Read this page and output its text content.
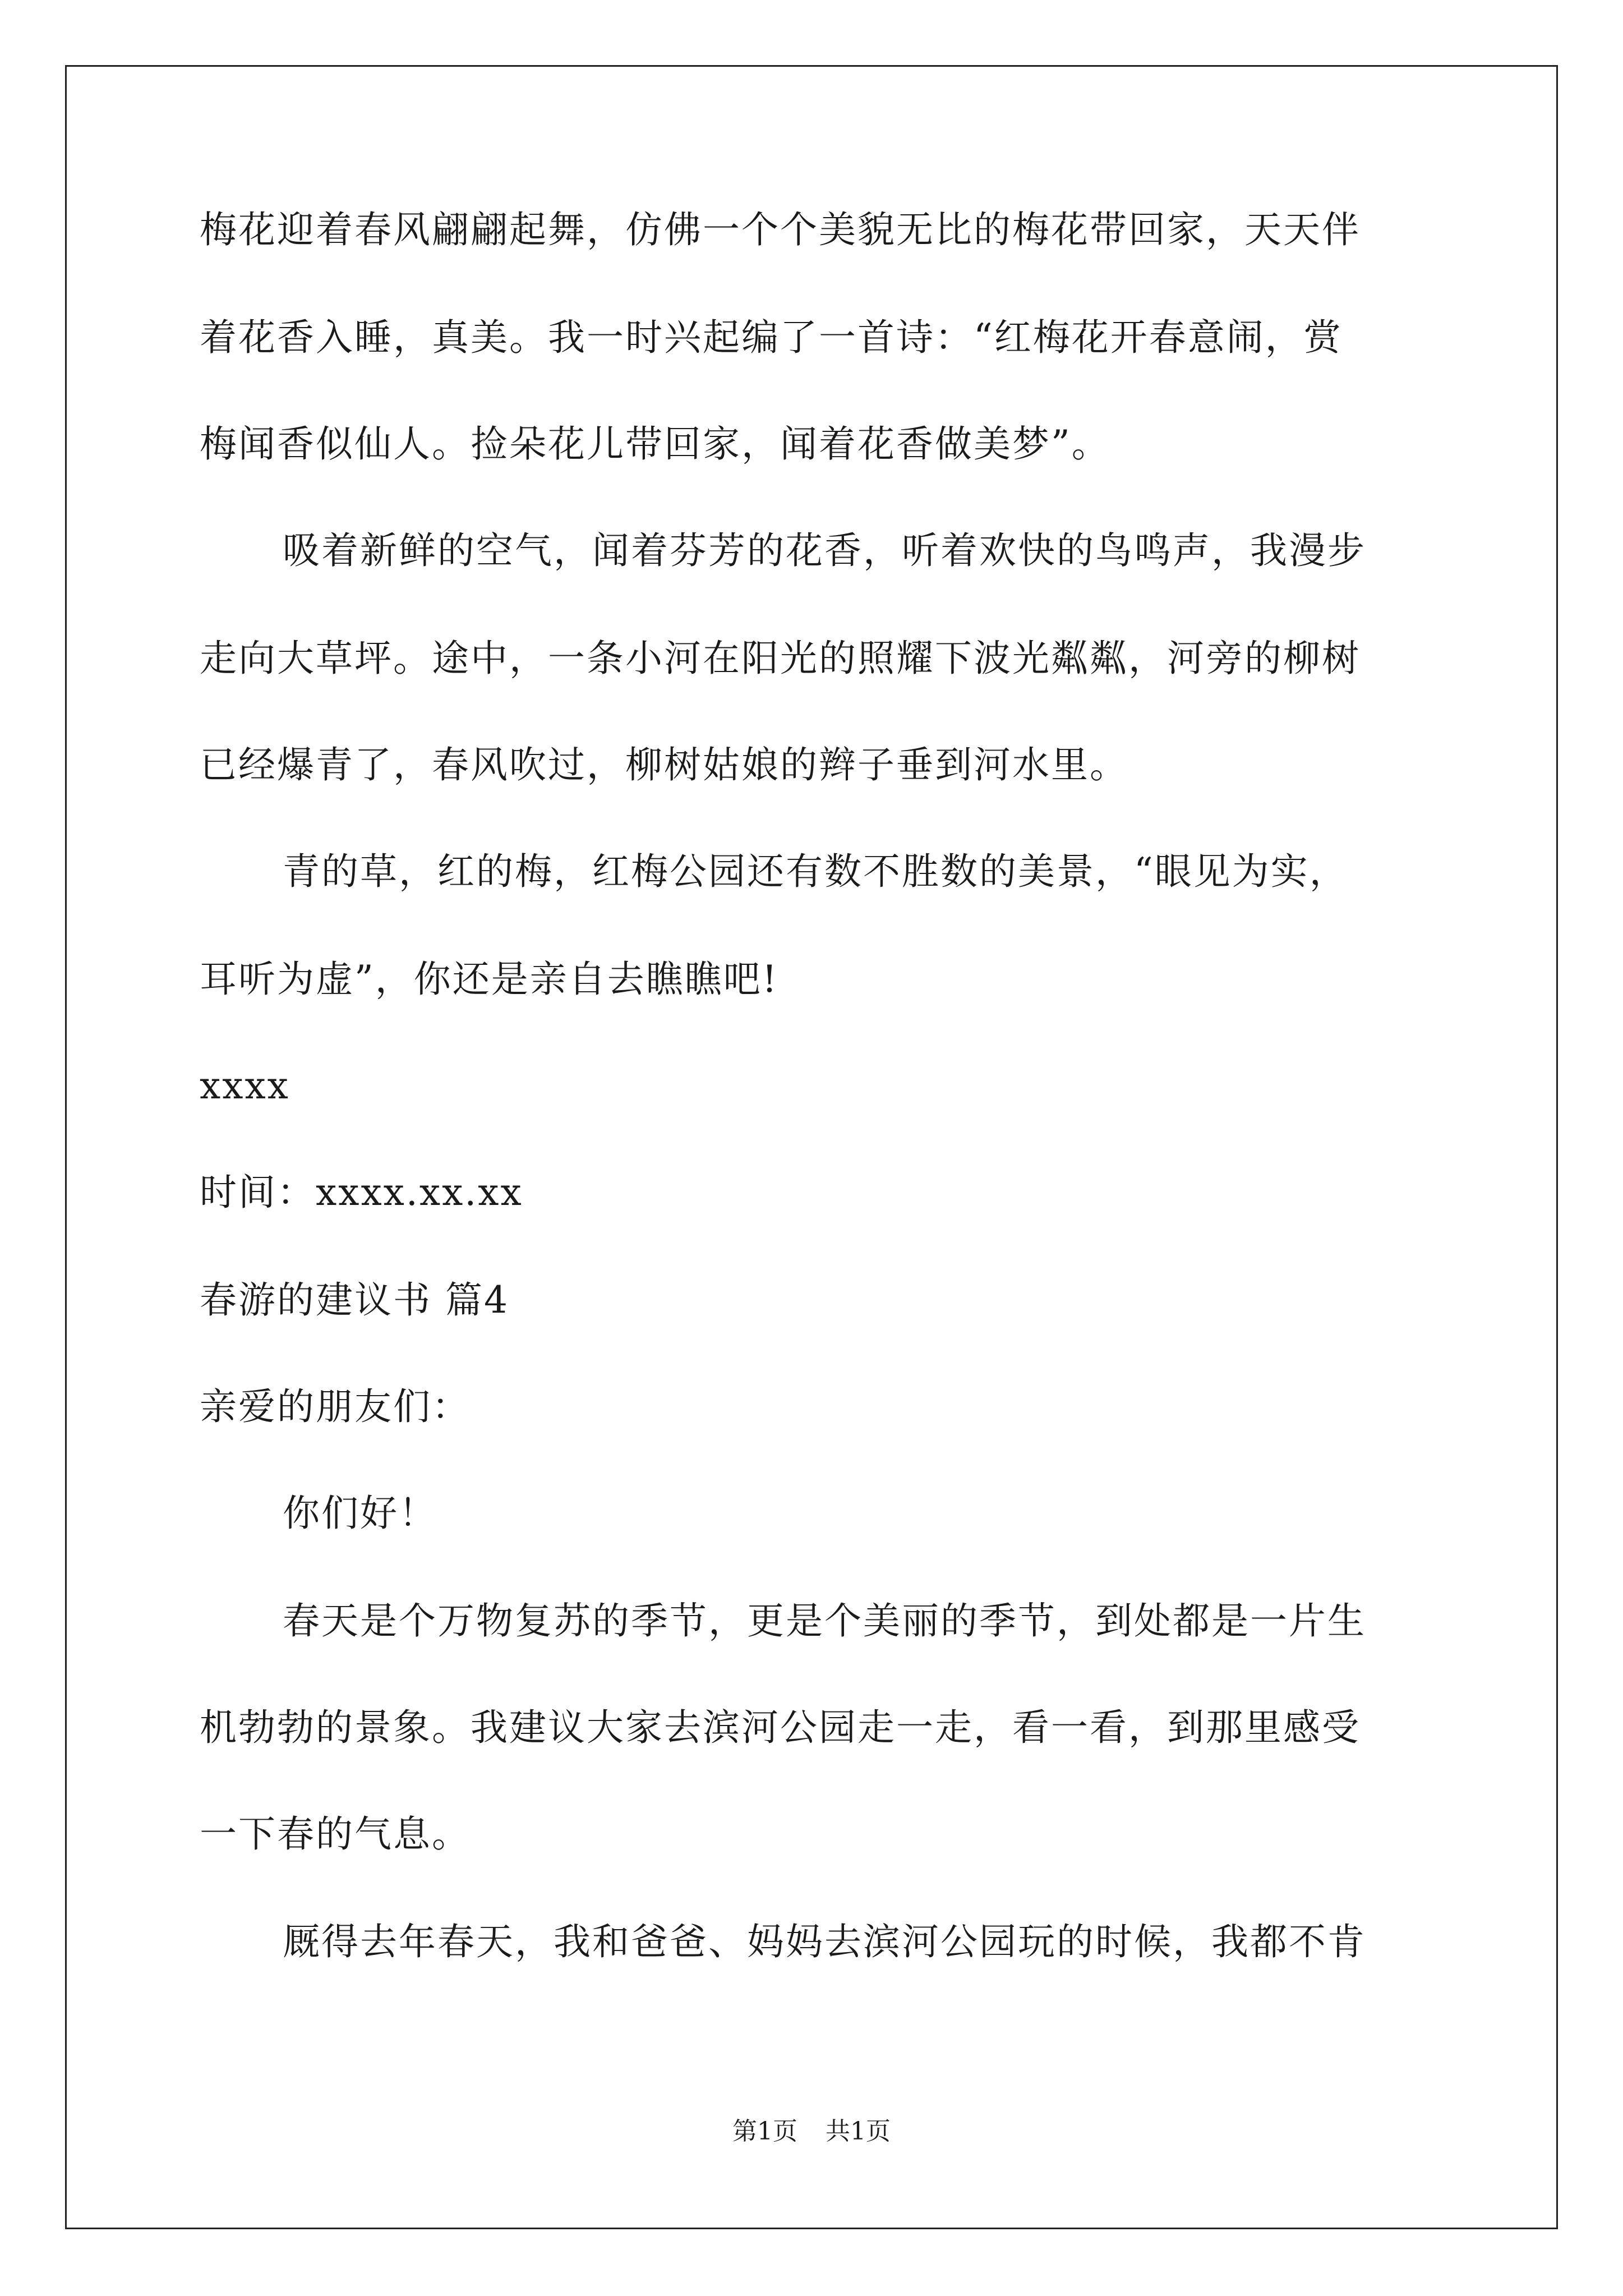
梅花迎着春风翩翩起舞，仿佛一个个美貌无比的梅花带回家，天天伴
着花香入睡，真美。我一时兴起编了一首诗：“红梅花开春意闹，赏
梅闻香似仙人。捡朵花儿带回家，闻着花香做美梦”。
吸着新鲜的空气，闻着芬芳的花香，听着欢快的鸟鸣声，我漫步
走向大草坪。途中，一条小河在阳光的照耀下波光粼粼，河旁的柳树
已经爆青了，春风吹过，柳树姑娘的辫子垂到河水里。
青的草，红的梅，红梅公园还有数不胜数的美景，“眼见为实，
耳听为虚”，你还是亲自去瞧瞧吧!
xxxx
时间：xxxx.xx.xx
春游的建议书 篇4
亲爱的朋友们：
你们好！
春天是个万物复苏的季节，更是个美丽的季节，到处都是一片生
机勃勃的景象。我建议大家去滨河公园走一走，看一看，到那里感受
一下春的气息。
厩得去年春天，我和爸爸、妈妈去滨河公园玩的时候，我都不肯
第1页 共1页
